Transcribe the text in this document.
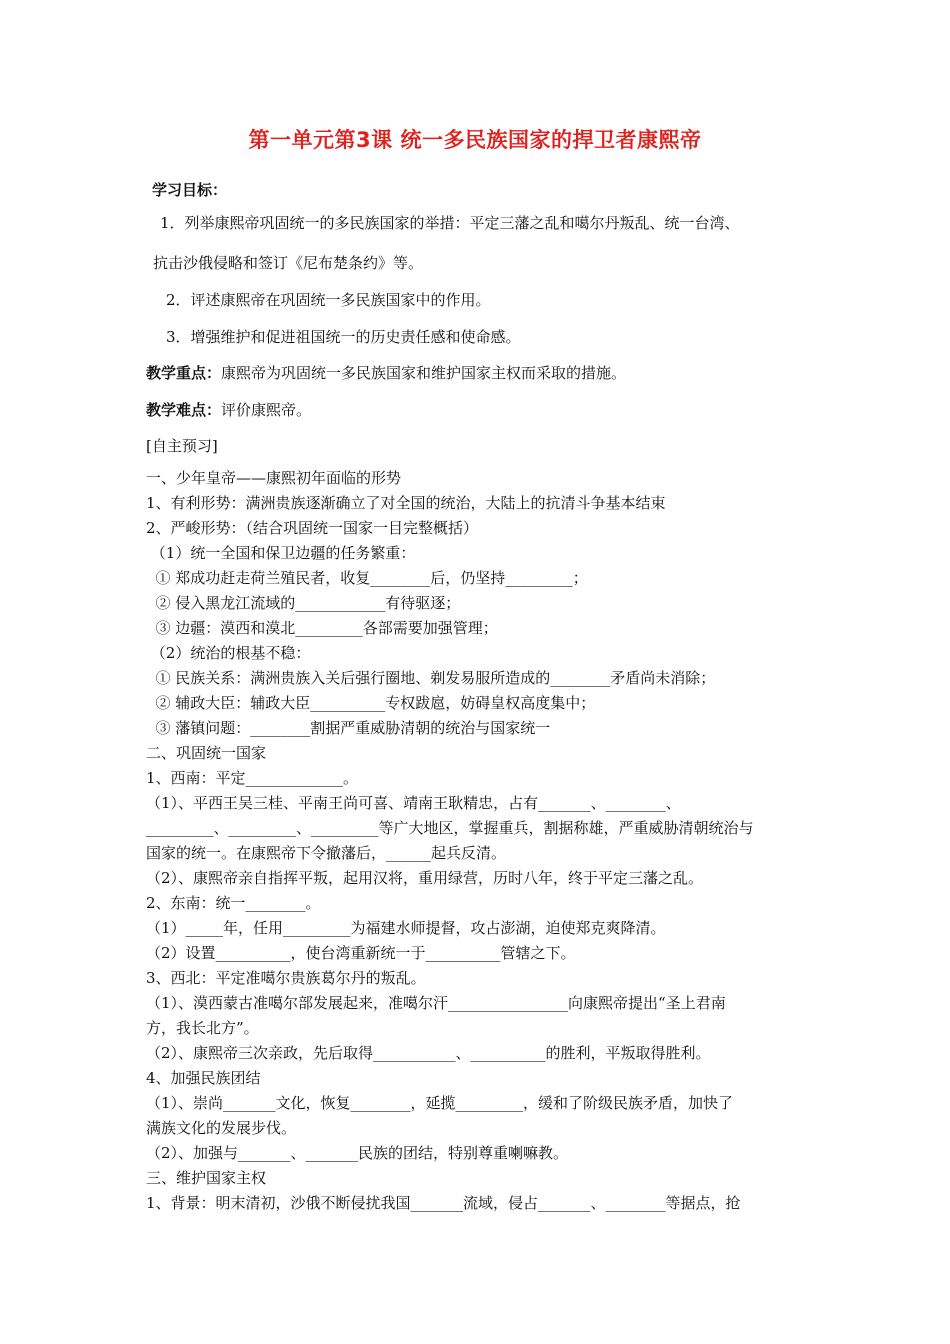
第一单元第3课 统一多民族国家的捍卫者康熙帝
学习目标：
1．列举康熙帝巩固统一的多民族国家的举措：平定三藩之乱和噶尔丹叛乱、统一台湾、
抗击沙俄侵略和签订《尼布楚条约》等。
2．评述康熙帝在巩固统一多民族国家中的作用。
3．增强维护和促进祖国统一的历史责任感和使命感。
教学重点：康熙帝为巩固统一多民族国家和维护国家主权而采取的措施。
教学难点：评价康熙帝。
[自主预习]
一、少年皇帝——康熙初年面临的形势
1、有利形势：满洲贵族逐渐确立了对全国的统治，大陆上的抗清斗争基本结束
2、严峻形势：（结合巩固统一国家一目完整概括）
（1）统一全国和保卫边疆的任务繁重：
① 郑成功赶走荷兰殖民者，收复________后，仍坚持_________；
② 侵入黑龙江流域的____________有待驱逐；
③ 边疆：漠西和漠北_________各部需要加强管理；
（2）统治的根基不稳：
① 民族关系：满洲贵族入关后强行圈地、剃发易服所造成的________矛盾尚未消除；
② 辅政大臣：辅政大臣__________专权跋扈，妨碍皇权高度集中；
③ 藩镇问题：________割据严重威胁清朝的统治与国家统一
二、巩固统一国家
1、西南：平定_____________。
（1）、平西王吴三桂、平南王尚可喜、靖南王耿精忠，占有_______、________、
_________、_________、_________等广大地区，掌握重兵，割据称雄，严重威胁清朝统治与
国家的统一。在康熙帝下令撤藩后，______起兵反清。
（2）、康熙帝亲自指挥平叛，起用汉将，重用绿营，历时八年，终于平定三藩之乱。
2、东南：统一________。
（1）_____年，任用_________为福建水师提督，攻占澎湖，迫使郑克爽降清。
（2）设置__________，使台湾重新统一于__________管辖之下。
3、西北：平定准噶尔贵族葛尔丹的叛乱。
（1）、漠西蒙古准噶尔部发展起来，准噶尔汗________________向康熙帝提出“圣上君南
方，我长北方”。
（2）、康熙帝三次亲政，先后取得___________、__________的胜利，平叛取得胜利。
4、加强民族团结
（1）、崇尚_______文化，恢复________，延揽_________，缓和了阶级民族矛盾，加快了
满族文化的发展步伐。
（2）、加强与_______、_______民族的团结，特别尊重喇嘛教。
三、维护国家主权
1、背景：明末清初，沙俄不断侵扰我国_______流域，侵占_______、________等据点，抢
